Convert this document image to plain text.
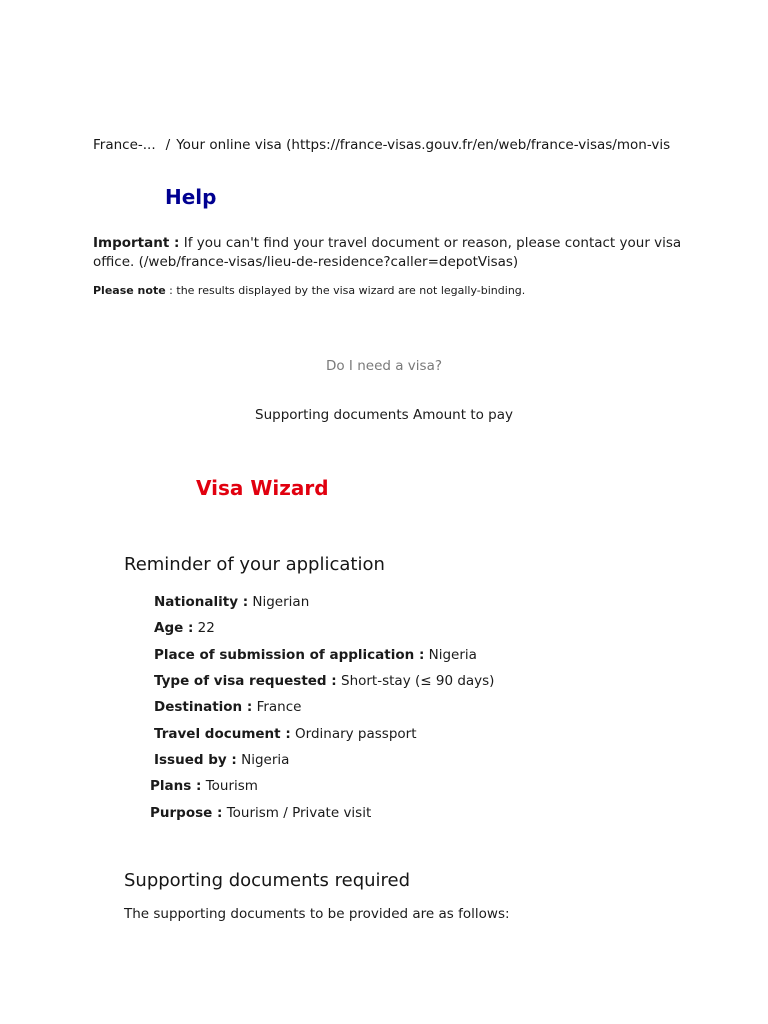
France-... / Your online visa (https://france-visas.gouv.fr/en/web/france-visas/mon-vis
Help
Important : If you can't find your travel document or reason, please contact your visa office. (/web/france-visas/lieu-de-residence?caller=depotVisas)
Please note : the results displayed by the visa wizard are not legally-binding.
Do I need a visa?
Supporting documents Amount to pay
Visa Wizard
Reminder of your application
Nationality : Nigerian
Age : 22
Place of submission of application : Nigeria
Type of visa requested : Short-stay (≤ 90 days)
Destination : France
Travel document : Ordinary passport
Issued by : Nigeria
Plans : Tourism
Purpose : Tourism / Private visit
Supporting documents required
The supporting documents to be provided are as follows:
